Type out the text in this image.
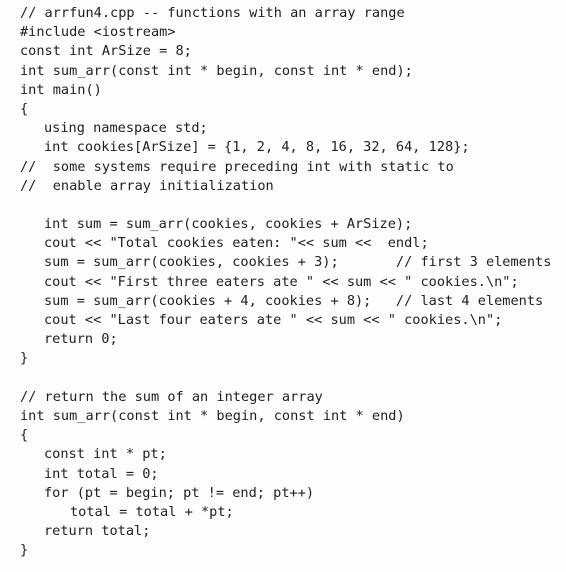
// arrfun4.cpp -- functions with an array range
#include <iostream>
const int ArSize = 8;
int sum_arr(const int * begin, const int * end);
int main()
{
using namespace std;
int cookies[ArSize] = {1, 2, 4, 8, 16, 32, 64, 128};
//  some systems require preceding int with static to
//  enable array initialization
int sum = sum_arr(cookies, cookies + ArSize);
cout << "Total cookies eaten: "<< sum <<  endl;
sum = sum_arr(cookies, cookies + 3);       // first 3 elements
cout << "First three eaters ate " << sum << " cookies.\n";
sum = sum_arr(cookies + 4, cookies + 8);   // last 4 elements
cout << "Last four eaters ate " << sum << " cookies.\n";
return 0;
}
// return the sum of an integer array
int sum_arr(const int * begin, const int * end)
{
const int * pt;
int total = 0;
for (pt = begin; pt != end; pt++)
total = total + *pt;
return total;
}
